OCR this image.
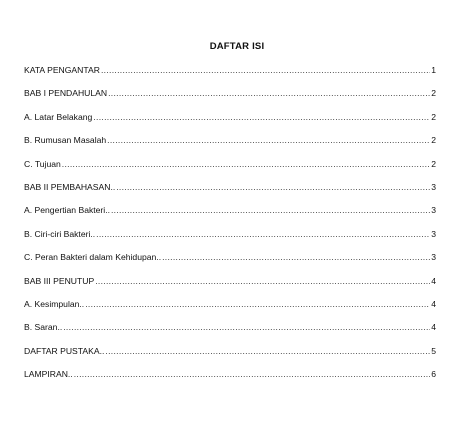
DAFTAR ISI
KATA PENGANTAR .....	1
BAB I PENDAHULAN .....	2
A. Latar Belakang .....	2
B. Rumusan Masalah .....	2
C. Tujuan .....	2
BAB II PEMBAHASAN.. .....	3
A. Pengertian Bakteri.. .....	3
B. Ciri-ciri Bakteri.. .....	3
C. Peran Bakteri dalam Kehidupan.. .....	3
BAB III PENUTUP .....	4
A. Kesimpulan.. .....	4
B. Saran.. .....	4
DAFTAR PUSTAKA.. .....	5
LAMPIRAN.. .....	6
